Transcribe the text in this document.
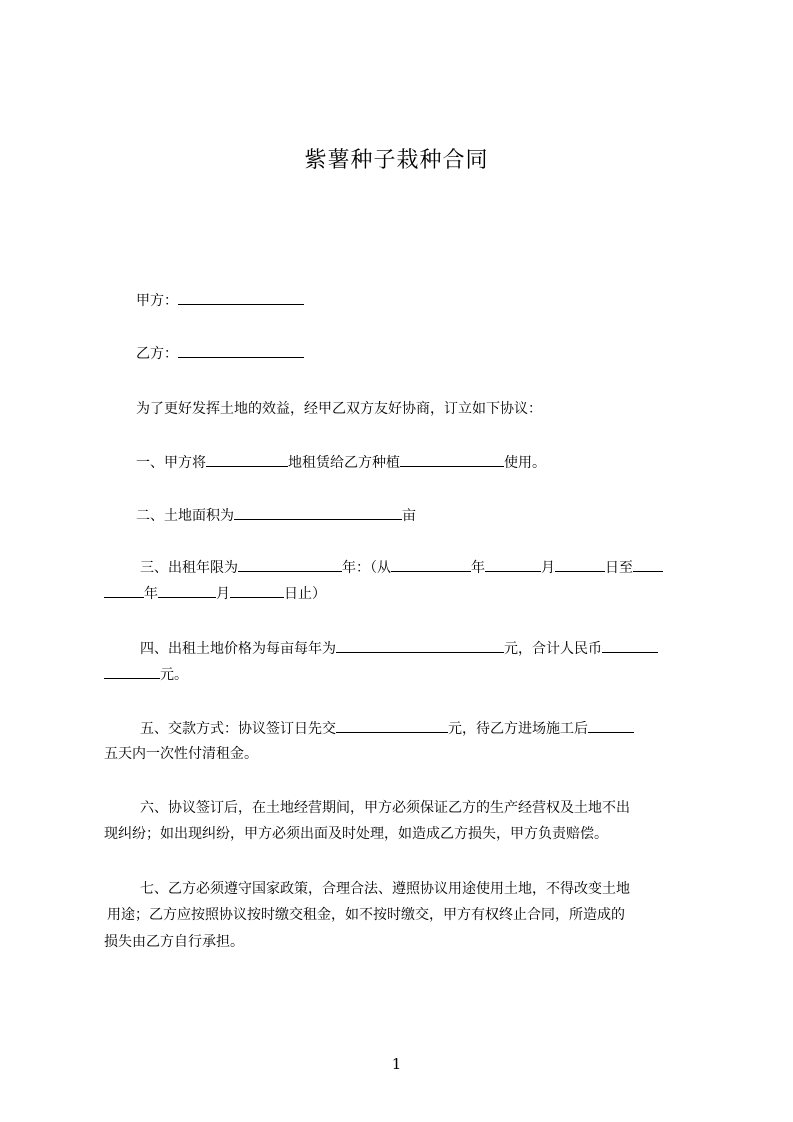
紫薯种子栽种合同
甲方：
乙方：
为了更好发挥土地的效益，经甲乙双方友好协商，订立如下协议：
一、甲方将	地租赁给乙方种植	使用。
二、土地面积为	亩
三、出租年限为	年：（从	年	月	日至
年	月	日止）
四、出租土地价格为每亩每年为	元，合计人民币
元。
五、交款方式：协议签订日先交	元，待乙方进场施工后
五天内一次性付清租金。
六、协议签订后，在土地经营期间，甲方必须保证乙方的生产经营权及土地不出
现纠纷；如出现纠纷，甲方必须出面及时处理，如造成乙方损失，甲方负责赔偿。
七、乙方必须遵守国家政策，合理合法、遵照协议用途使用土地，不得改变土地
用途；乙方应按照协议按时缴交租金，如不按时缴交，甲方有权终止合同，所造成的
损失由乙方自行承担。
1
